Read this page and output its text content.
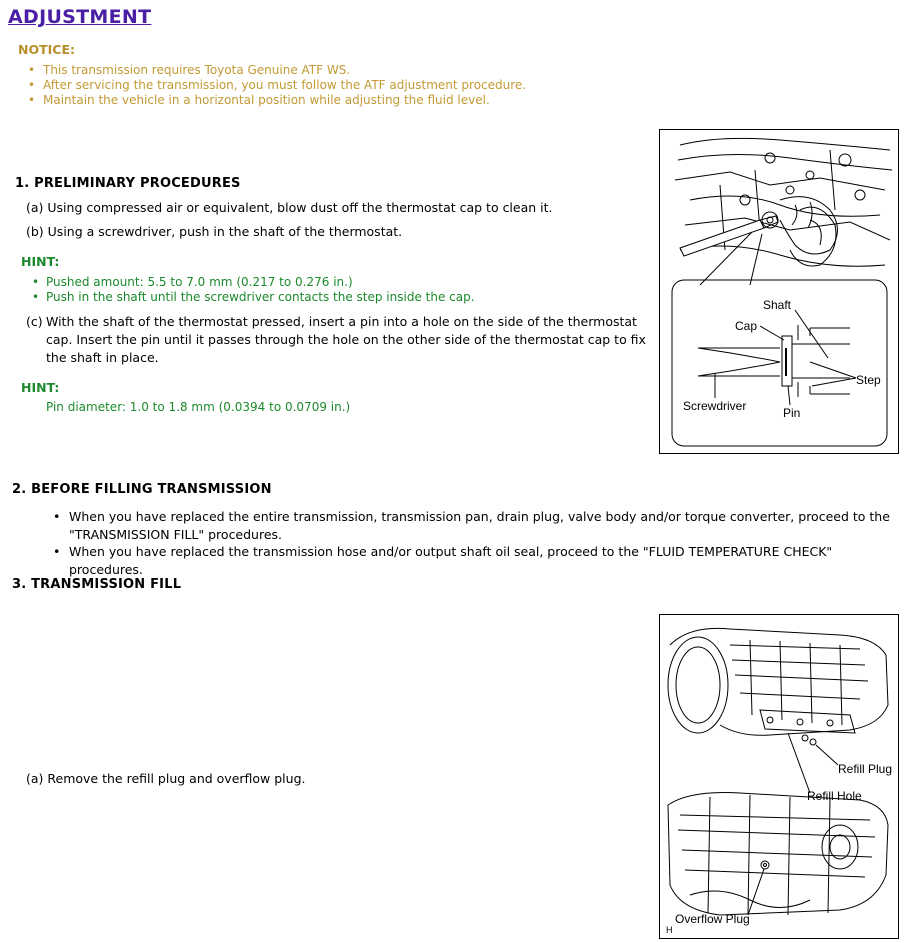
ADJUSTMENT
NOTICE:
• This transmission requires Toyota Genuine ATF WS.
• After servicing the transmission, you must follow the ATF adjustment procedure.
• Maintain the vehicle in a horizontal position while adjusting the fluid level.
1. PRELIMINARY PROCEDURES
(a) Using compressed air or equivalent, blow dust off the thermostat cap to clean it.
(b) Using a screwdriver, push in the shaft of the thermostat.
HINT:
• Pushed amount: 5.5 to 7.0 mm (0.217 to 0.276 in.)
• Push in the shaft until the screwdriver contacts the step inside the cap.
(c) With the shaft of the thermostat pressed, insert a pin into a hole on the side of the thermostat cap. Insert the pin until it passes through the hole on the other side of the thermostat cap to fix the shaft in place.
HINT:
Pin diameter: 1.0 to 1.8 mm (0.0394 to 0.0709 in.)
Shaft
Cap
Step
Screwdriver	Pin
2. BEFORE FILLING TRANSMISSION
• When you have replaced the entire transmission, transmission pan, drain plug, valve body and/or torque converter, proceed to the "TRANSMISSION FILL" procedures.
• When you have replaced the transmission hose and/or output shaft oil seal, proceed to the "FLUID TEMPERATURE CHECK" procedures.
3. TRANSMISSION FILL
(a) Remove the refill plug and overflow plug.
Refill Plug
Refill Hole
Overflow Plug
H
